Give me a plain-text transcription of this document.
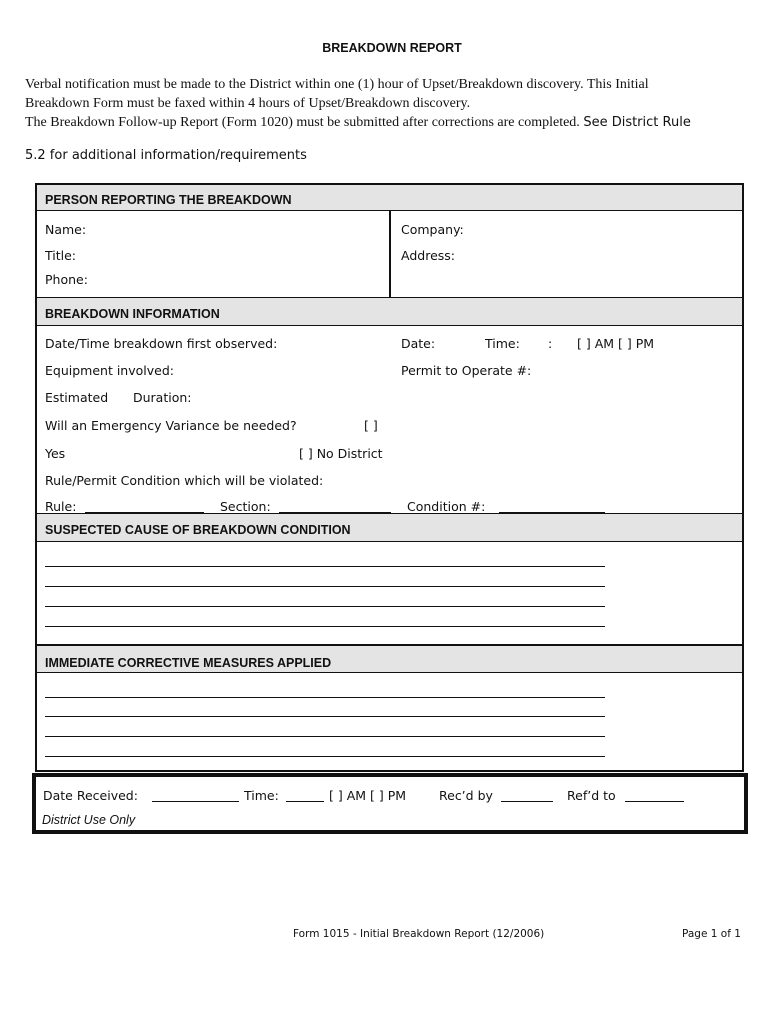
BREAKDOWN REPORT
Verbal notification must be made to the District within one (1) hour of Upset/Breakdown discovery. This Initial
Breakdown Form must be faxed within 4 hours of Upset/Breakdown discovery.
The Breakdown Follow-up Report (Form 1020) must be submitted after corrections are completed. See District Rule
5.2 for additional information/requirements
PERSON REPORTING THE BREAKDOWN
Name:
Title:
Phone:
Company:
Address:
BREAKDOWN INFORMATION
Date/Time breakdown first observed:	Date:	Time: : [ ] AM [ ] PM
Equipment involved:	Permit to Operate #:
Estimated Duration:
Will an Emergency Variance be needed?	[ ]
Yes	[ ] No District
Rule/Permit Condition which will be violated:
Rule:	Section:	Condition #:
SUSPECTED CAUSE OF BREAKDOWN CONDITION
IMMEDIATE CORRECTIVE MEASURES APPLIED
Date Received:	Time:	[ ] AM [ ] PM	Rec’d by	Ref’d to
District Use Only
Form 1015 - Initial Breakdown Report (12/2006)	Page 1 of 1
